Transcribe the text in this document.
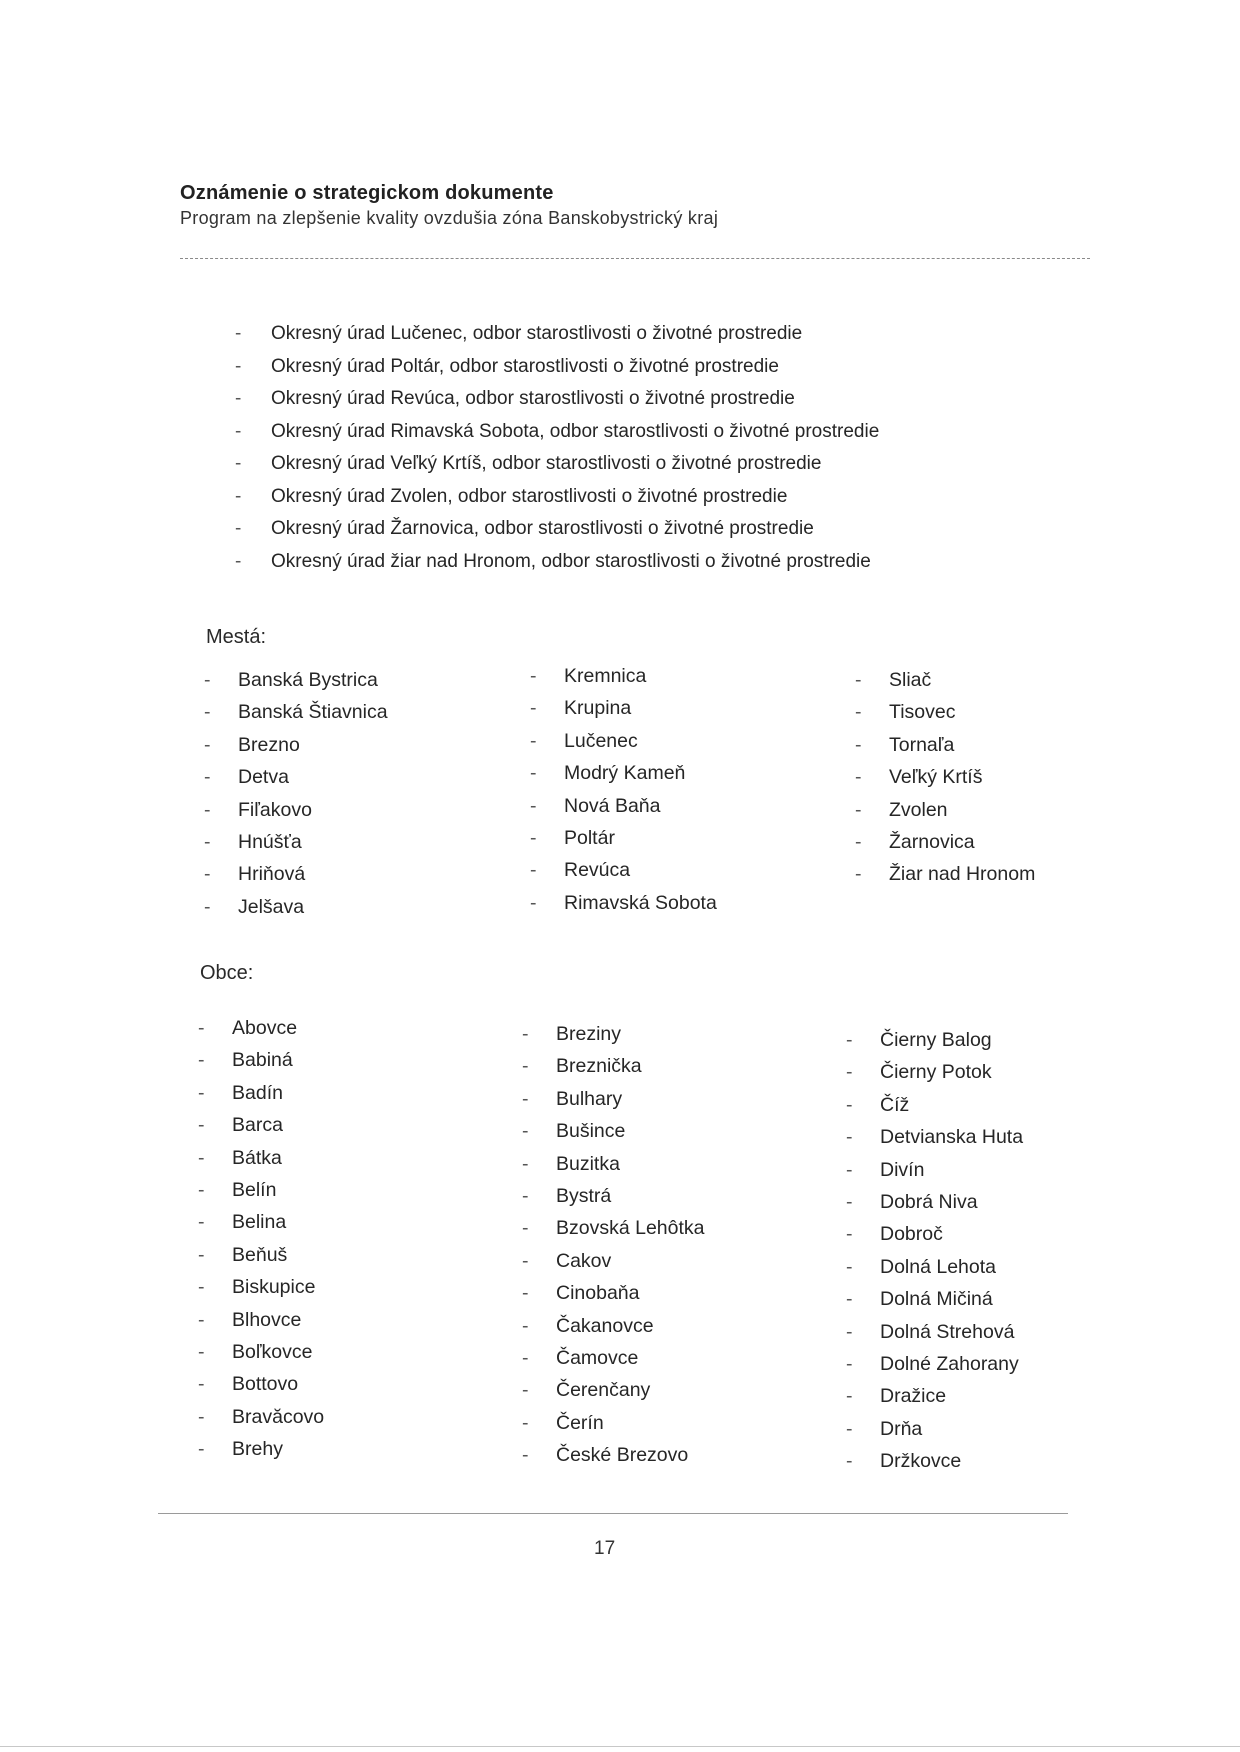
Oznámenie o strategickom dokumente
Program na zlepšenie kvality ovzdušia zóna Banskobystrický kraj
- Okresný úrad Lučenec, odbor starostlivosti o životné prostredie
- Okresný úrad Poltár, odbor starostlivosti o životné prostredie
- Okresný úrad Revúca, odbor starostlivosti o životné prostredie
- Okresný úrad Rimavská Sobota, odbor starostlivosti o životné prostredie
- Okresný úrad Veľký Krtíš, odbor starostlivosti o životné prostredie
- Okresný úrad Zvolen, odbor starostlivosti o životné prostredie
- Okresný úrad Žarnovica, odbor starostlivosti o životné prostredie
- Okresný úrad žiar nad Hronom, odbor starostlivosti o životné prostredie
Mestá:
- Banská Bystrica
- Banská Štiavnica
- Brezno
- Detva
- Fiľakovo
- Hnúšťa
- Hriňová
- Jelšava
- Kremnica
- Krupina
- Lučenec
- Modrý Kameň
- Nová Baňa
- Poltár
- Revúca
- Rimavská Sobota
- Sliač
- Tisovec
- Tornaľa
- Veľký Krtíš
- Zvolen
- Žarnovica
- Žiar nad Hronom
Obce:
- Abovce
- Babiná
- Badín
- Barca
- Bátka
- Belín
- Belina
- Beňuš
- Biskupice
- Blhovce
- Boľkovce
- Bottovo
- Bravăcovo
- Brehy
- Breziny
- Breznička
- Bulhary
- Bušince
- Buzitka
- Bystrá
- Bzovská Lehôtka
- Cakov
- Cinobaňa
- Čakanovce
- Čamovce
- Čerenčany
- Čerín
- České Brezovo
- Čierny Balog
- Čierny Potok
- Číž
- Detvianska Huta
- Divín
- Dobrá Niva
- Dobroč
- Dolná Lehota
- Dolná Mičiná
- Dolná Strehová
- Dolné Zahorany
- Dražice
- Drňa
- Držkovce
17
